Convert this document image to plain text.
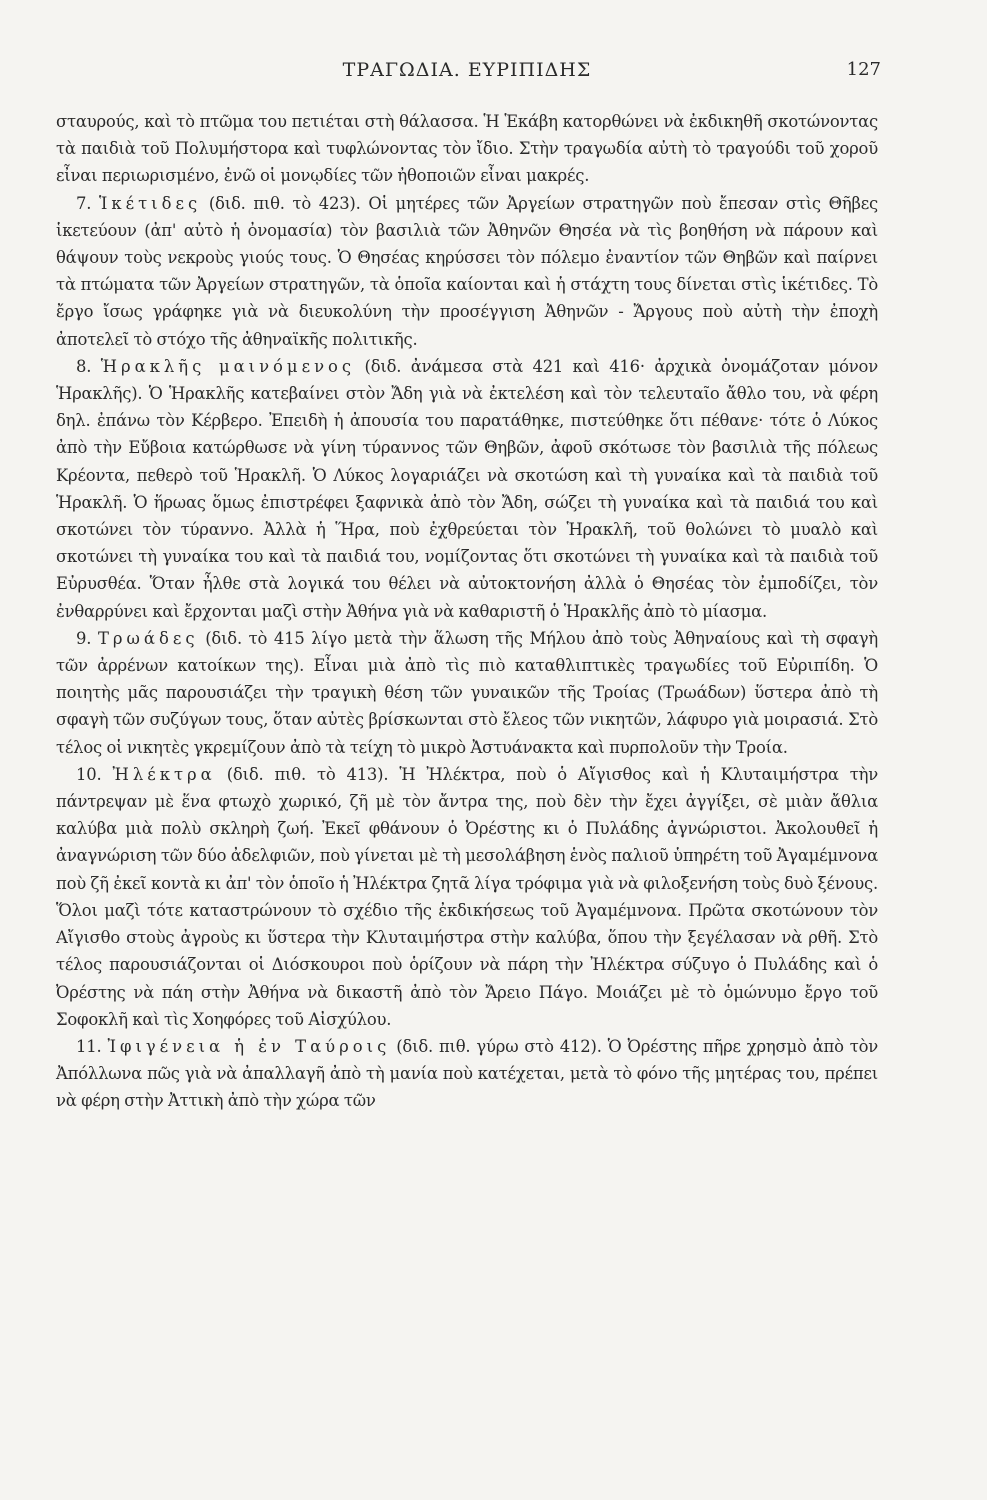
ΤΡΑΓΩΔΙΑ. ΕΥΡΙΠΙΔΗΣ	127

σταυρούς, καὶ τὸ πτῶμα του πετιέται στὴ θάλασσα. Ἡ Ἑκάβη κατορθώνει νὰ ἐκδικηθῆ σκοτώνοντας τὰ παιδιὰ τοῦ Πολυμήστορα καὶ τυφλώνοντας τὸν ἴδιο. Στὴν τραγωδία αὐτὴ τὸ τραγούδι τοῦ χοροῦ εἶναι περιωρισμένο, ἐνῶ οἱ μονῳδίες τῶν ἠθοποιῶν εἶναι μακρές.

7. Ἱκέτιδες (διδ. πιθ. τὸ 423). Οἱ μητέρες τῶν Ἀργείων στρατηγῶν ποὺ ἔπεσαν στὶς Θῆβες ἱκετεύουν (ἀπ' αὐτὸ ἡ ὀνομασία) τὸν βασιλιὰ τῶν Ἀθηνῶν Θησέα νὰ τὶς βοηθήση νὰ πάρουν καὶ θάψουν τοὺς νεκροὺς γιούς τους. Ὁ Θησέας κηρύσσει τὸν πόλεμο ἐναντίον τῶν Θηβῶν καὶ παίρνει τὰ πτώματα τῶν Ἀργείων στρατηγῶν, τὰ ὁποῖα καίονται καὶ ἡ στάχτη τους δίνεται στὶς ἱκέτιδες. Τὸ ἔργο ἴσως γράφηκε γιὰ νὰ διευκολύνη τὴν προσέγγιση Ἀθηνῶν - Ἄργους ποὺ αὐτὴ τὴν ἐποχὴ ἀποτελεῖ τὸ στόχο τῆς ἀθηναϊκῆς πολιτικῆς.

8. Ἡρακλῆς μαινόμενος (διδ. ἀνάμεσα στὰ 421 καὶ 416· ἀρχικὰ ὀνομάζοταν μόνον Ἡρακλῆς). Ὁ Ἡρακλῆς κατεβαίνει στὸν Ἄδη γιὰ νὰ ἐκτελέση καὶ τὸν τελευταῖο ἄθλο του, νὰ φέρη δηλ. ἐπάνω τὸν Κέρβερο. Ἐπειδὴ ἡ ἀπουσία του παρατάθηκε, πιστεύθηκε ὅτι πέθανε· τότε ὁ Λύκος ἀπὸ τὴν Εὔβοια κατώρθωσε νὰ γίνη τύραννος τῶν Θηβῶν, ἀφοῦ σκότωσε τὸν βασιλιὰ τῆς πόλεως Κρέοντα, πεθερὸ τοῦ Ἡρακλῆ. Ὁ Λύκος λογαριάζει νὰ σκοτώση καὶ τὴ γυναίκα καὶ τὰ παιδιὰ τοῦ Ἡρακλῆ. Ὁ ἥρωας ὅμως ἐπιστρέφει ξαφνικὰ ἀπὸ τὸν Ἄδη, σώζει τὴ γυναίκα καὶ τὰ παιδιά του καὶ σκοτώνει τὸν τύραννο. Ἀλλὰ ἡ Ἥρα, ποὺ ἐχθρεύεται τὸν Ἡρακλῆ, τοῦ θολώνει τὸ μυαλὸ καὶ σκοτώνει τὴ γυναίκα του καὶ τὰ παιδιά του, νομίζοντας ὅτι σκοτώνει τὴ γυναίκα καὶ τὰ παιδιὰ τοῦ Εὐρυσθέα. Ὅταν ἦλθε στὰ λογικά του θέλει νὰ αὐτοκτονήση ἀλλὰ ὁ Θησέας τὸν ἐμποδίζει, τὸν ἐνθαρρύνει καὶ ἔρχονται μαζὶ στὴν Ἀθήνα γιὰ νὰ καθαριστῆ ὁ Ἡρακλῆς ἀπὸ τὸ μίασμα.

9. Τρωάδες (διδ. τὸ 415 λίγο μετὰ τὴν ἅλωση τῆς Μήλου ἀπὸ τοὺς Ἀθηναίους καὶ τὴ σφαγὴ τῶν ἀρρένων κατοίκων της). Εἶναι μιὰ ἀπὸ τὶς πιὸ καταθλιπτικὲς τραγωδίες τοῦ Εὐριπίδη. Ὁ ποιητὴς μᾶς παρουσιάζει τὴν τραγικὴ θέση τῶν γυναικῶν τῆς Τροίας (Τρωάδων) ὕστερα ἀπὸ τὴ σφαγὴ τῶν συζύγων τους, ὅταν αὐτὲς βρίσκωνται στὸ ἔλεος τῶν νικητῶν, λάφυρο γιὰ μοιρασιά. Στὸ τέλος οἱ νικητὲς γκρεμίζουν ἀπὸ τὰ τείχη τὸ μικρὸ Ἀστυάνακτα καὶ πυρπολοῦν τὴν Τροία.

10. Ἠλέκτρα (διδ. πιθ. τὸ 413). Ἡ Ἠλέκτρα, ποὺ ὁ Αἴγισθος καὶ ἡ Κλυταιμήστρα τὴν πάντρεψαν μὲ ἕνα φτωχὸ χωρικό, ζῆ μὲ τὸν ἄντρα της, ποὺ δὲν τὴν ἔχει ἀγγίξει, σὲ μιὰν ἄθλια καλύβα μιὰ πολὺ σκληρὴ ζωή. Ἐκεῖ φθάνουν ὁ Ὀρέστης κι ὁ Πυλάδης ἀγνώριστοι. Ἀκολουθεῖ ἡ ἀναγνώριση τῶν δύο ἀδελφιῶν, ποὺ γίνεται μὲ τὴ μεσολάβηση ἑνὸς παλιοῦ ὑπηρέτη τοῦ Ἀγαμέμνονα ποὺ ζῆ ἐκεῖ κοντὰ κι ἀπ' τὸν ὁποῖο ἡ Ἠλέκτρα ζητᾶ λίγα τρόφιμα γιὰ νὰ φιλοξενήση τοὺς δυὸ ξένους. Ὅλοι μαζὶ τότε καταστρώνουν τὸ σχέδιο τῆς ἐκδικήσεως τοῦ Ἀγαμέμνονα. Πρῶτα σκοτώνουν τὸν Αἴγισθο στοὺς ἀγροὺς κι ὕστερα τὴν Κλυταιμήστρα στὴν καλύβα, ὅπου τὴν ξεγέλασαν νὰ ρθῆ. Στὸ τέλος παρουσιάζονται οἱ Διόσκουροι ποὺ ὁρίζουν νὰ πάρη τὴν Ἠλέκτρα σύζυγο ὁ Πυλάδης καὶ ὁ Ὀρέστης νὰ πάη στὴν Ἀθήνα νὰ δικαστῆ ἀπὸ τὸν Ἄρειο Πάγο. Μοιάζει μὲ τὸ ὁμώνυμο ἔργο τοῦ Σοφοκλῆ καὶ τὶς Χοηφόρες τοῦ Αἰσχύλου.

11. Ἰφιγένεια ἡ ἐν Ταύροις (διδ. πιθ. γύρω στὸ 412). Ὁ Ὀρέστης πῆρε χρησμὸ ἀπὸ τὸν Ἀπόλλωνα πῶς γιὰ νὰ ἀπαλλαγῆ ἀπὸ τὴ μανία ποὺ κατέχεται, μετὰ τὸ φόνο τῆς μητέρας του, πρέπει νὰ φέρη στὴν Ἀττικὴ ἀπὸ τὴν χώρα τῶν
